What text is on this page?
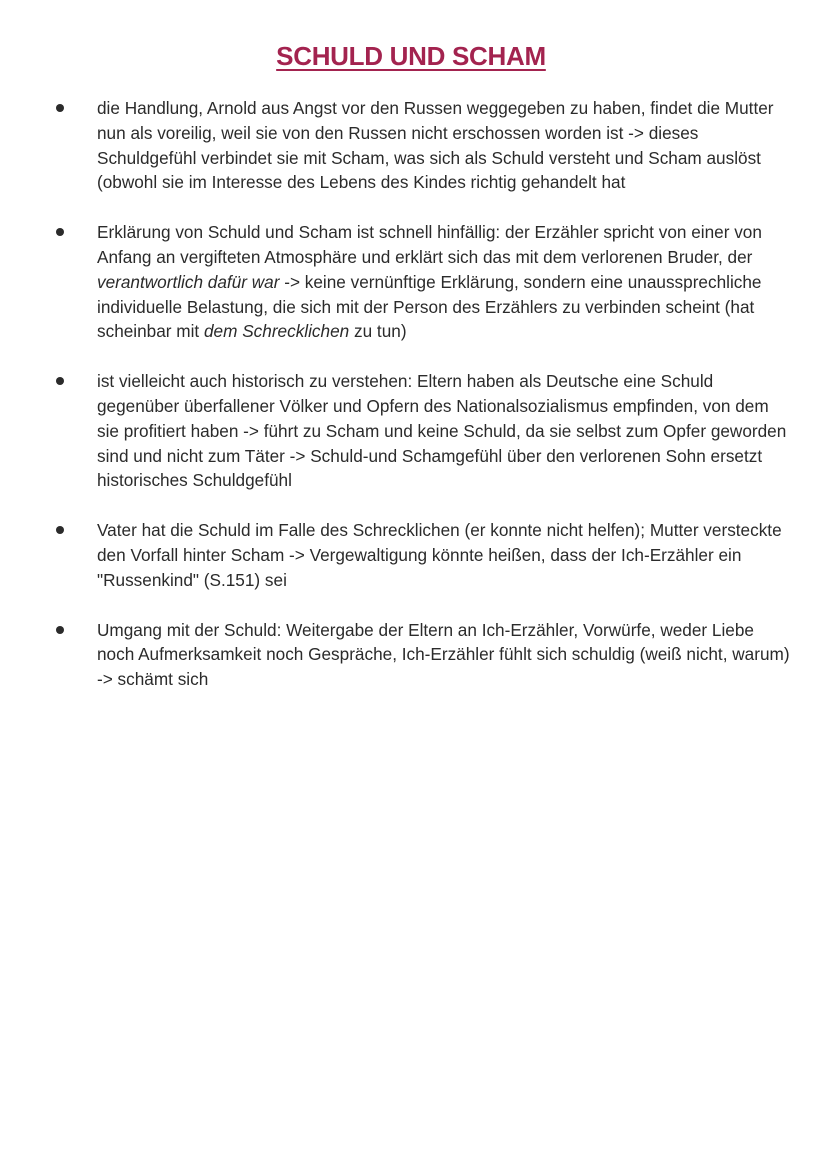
SCHULD UND SCHAM
die Handlung, Arnold aus Angst vor den Russen weggegeben zu haben, findet die Mutter nun als voreilig, weil sie von den Russen nicht erschossen worden ist -> dieses Schuldgefühl verbindet sie mit Scham, was sich als Schuld versteht und Scham auslöst (obwohl sie im Interesse des Lebens des Kindes richtig gehandelt hat
Erklärung von Schuld und Scham ist schnell hinfällig: der Erzähler spricht von einer von Anfang an vergifteten Atmosphäre und erklärt sich das mit dem verlorenen Bruder, der verantwortlich dafür war -> keine vernünftige Erklärung, sondern eine unaussprechliche individuelle Belastung, die sich mit der Person des Erzählers zu verbinden scheint (hat scheinbar mit dem Schrecklichen zu tun)
ist vielleicht auch historisch zu verstehen: Eltern haben als Deutsche eine Schuld gegenüber überfallener Völker und Opfern des Nationalsozialismus empfinden, von dem sie profitiert haben -> führt zu Scham und keine Schuld, da sie selbst zum Opfer geworden sind und nicht zum Täter -> Schuld-und Schamgefühl über den verlorenen Sohn ersetzt historisches Schuldgefühl
Vater hat die Schuld im Falle des Schrecklichen (er konnte nicht helfen); Mutter versteckte den Vorfall hinter Scham -> Vergewaltigung könnte heißen, dass der Ich-Erzähler ein "Russenkind" (S.151) sei
Umgang mit der Schuld: Weitergabe der Eltern an Ich-Erzähler, Vorwürfe, weder Liebe noch Aufmerksamkeit noch Gespräche, Ich-Erzähler fühlt sich schuldig (weiß nicht, warum) -> schämt sich
